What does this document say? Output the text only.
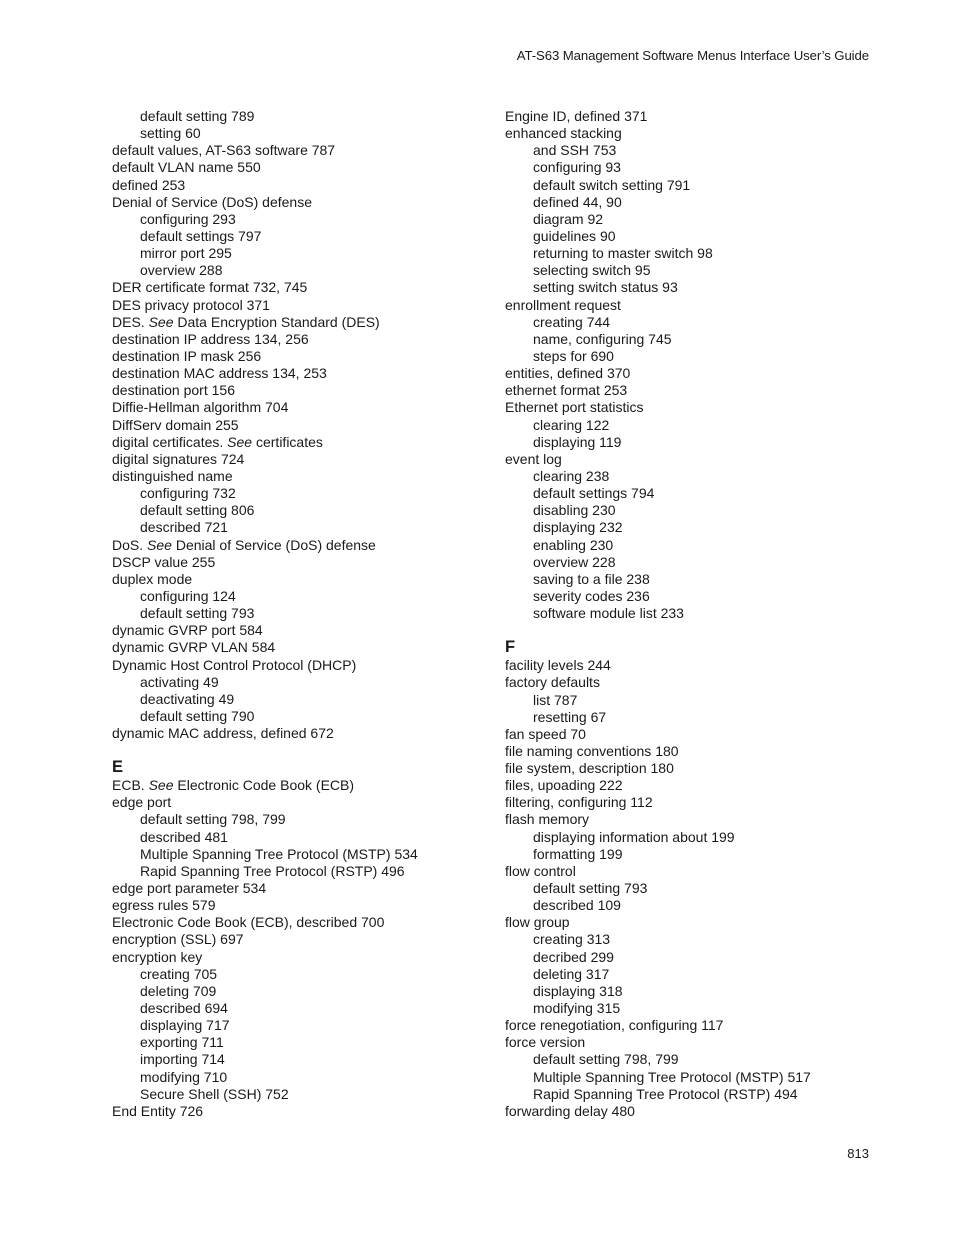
AT-S63 Management Software Menus Interface User’s Guide
default setting 789
setting 60
default values, AT-S63 software 787
default VLAN name 550
defined 253
Denial of Service (DoS) defense
configuring 293
default settings 797
mirror port 295
overview 288
DER certificate format 732, 745
DES privacy protocol 371
DES. See Data Encryption Standard (DES)
destination IP address 134, 256
destination IP mask 256
destination MAC address 134, 253
destination port 156
Diffie-Hellman algorithm 704
DiffServ domain 255
digital certificates. See certificates
digital signatures 724
distinguished name
configuring 732
default setting 806
described 721
DoS. See Denial of Service (DoS) defense
DSCP value 255
duplex mode
configuring 124
default setting 793
dynamic GVRP port 584
dynamic GVRP VLAN 584
Dynamic Host Control Protocol (DHCP)
activating 49
deactivating 49
default setting 790
dynamic MAC address, defined 672
E
ECB. See Electronic Code Book (ECB)
edge port
default setting 798, 799
described 481
Multiple Spanning Tree Protocol (MSTP) 534
Rapid Spanning Tree Protocol (RSTP) 496
edge port parameter 534
egress rules 579
Electronic Code Book (ECB), described 700
encryption (SSL) 697
encryption key
creating 705
deleting 709
described 694
displaying 717
exporting 711
importing 714
modifying 710
Secure Shell (SSH) 752
End Entity 726
Engine ID, defined 371
enhanced stacking
and SSH 753
configuring 93
default switch setting 791
defined 44, 90
diagram 92
guidelines 90
returning to master switch 98
selecting switch 95
setting switch status 93
enrollment request
creating 744
name, configuring 745
steps for 690
entities, defined 370
ethernet format 253
Ethernet port statistics
clearing 122
displaying 119
event log
clearing 238
default settings 794
disabling 230
displaying 232
enabling 230
overview 228
saving to a file 238
severity codes 236
software module list 233
F
facility levels 244
factory defaults
list 787
resetting 67
fan speed 70
file naming conventions 180
file system, description 180
files, upoading 222
filtering, configuring 112
flash memory
displaying information about 199
formatting 199
flow control
default setting 793
described 109
flow group
creating 313
decribed 299
deleting 317
displaying 318
modifying 315
force renegotiation, configuring 117
force version
default setting 798, 799
Multiple Spanning Tree Protocol (MSTP) 517
Rapid Spanning Tree Protocol (RSTP) 494
forwarding delay 480
813
